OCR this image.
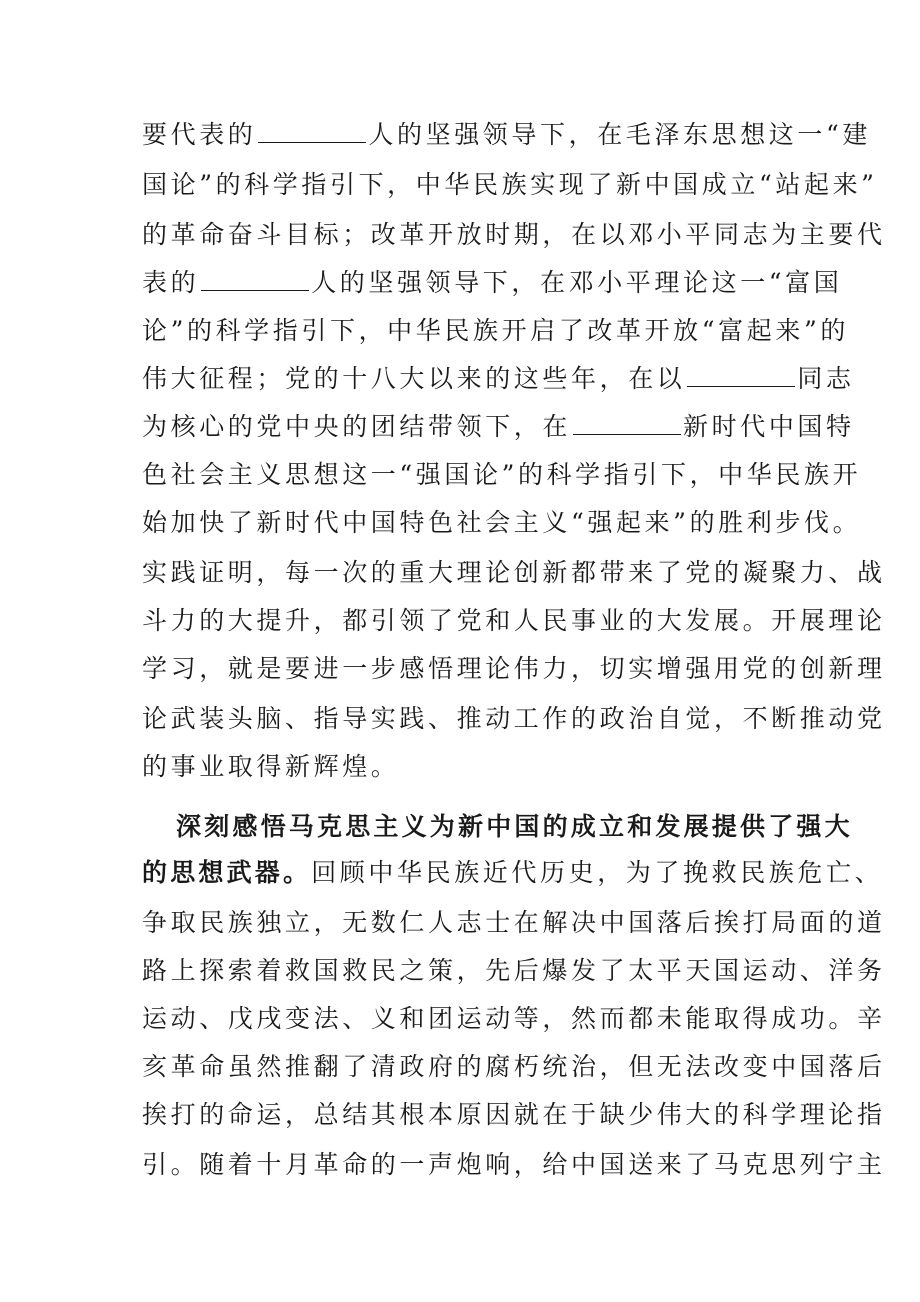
要代表的	人的坚强领导下，在毛泽东思想这一“建
国论”的科学指引下，中华民族实现了新中国成立“站起来”
的革命奋斗目标；改革开放时期，在以邓小平同志为主要代
表的	人的坚强领导下，在邓小平理论这一“富国
论”的科学指引下，中华民族开启了改革开放“富起来”的
伟大征程；党的十八大以来的这些年，在以	同志
为核心的党中央的团结带领下，在	新时代中国特
色社会主义思想这一“强国论”的科学指引下，中华民族开
始加快了新时代中国特色社会主义“强起来”的胜利步伐。
实践证明，每一次的重大理论创新都带来了党的凝聚力、战
斗力的大提升，都引领了党和人民事业的大发展。开展理论
学习，就是要进一步感悟理论伟力，切实增强用党的创新理
论武装头脑、指导实践、推动工作的政治自觉，不断推动党
的事业取得新辉煌。
深刻感悟马克思主义为新中国的成立和发展提供了强大
的思想武器。回顾中华民族近代历史，为了挽救民族危亡、
争取民族独立，无数仁人志士在解决中国落后挨打局面的道
路上探索着救国救民之策，先后爆发了太平天国运动、洋务
运动、戊戌变法、义和团运动等，然而都未能取得成功。辛
亥革命虽然推翻了清政府的腐朽统治，但无法改变中国落后
挨打的命运，总结其根本原因就在于缺少伟大的科学理论指
引。随着十月革命的一声炮响，给中国送来了马克思列宁主
